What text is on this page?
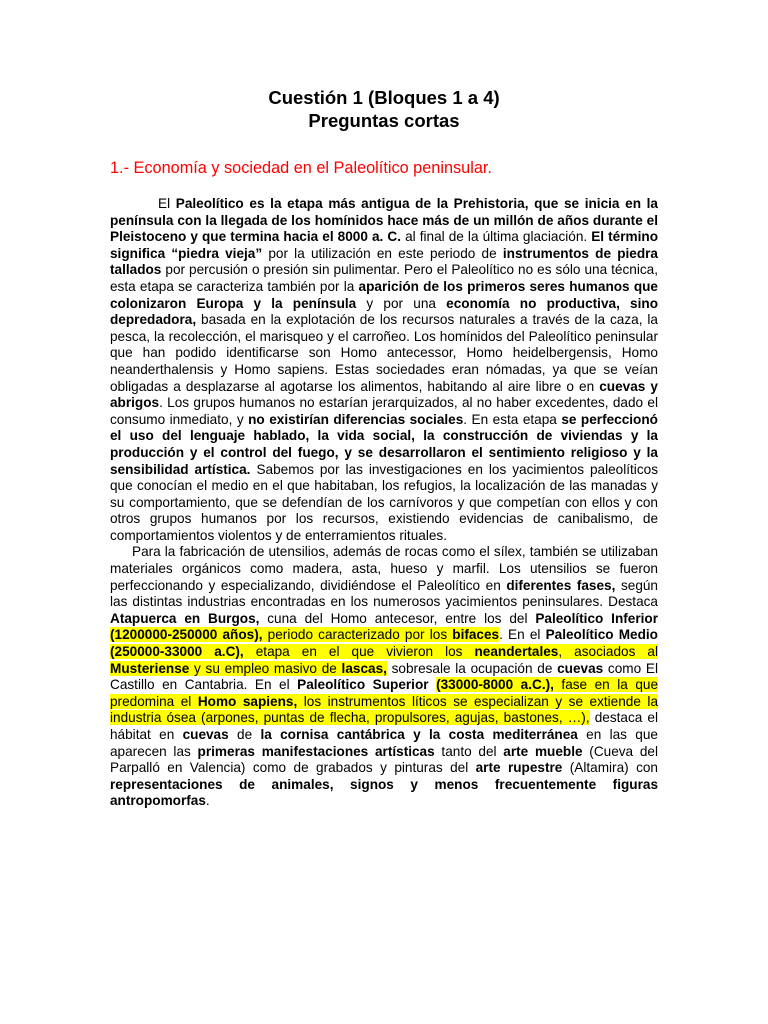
Cuestión 1 (Bloques 1 a 4)
Preguntas cortas

1.- Economía y sociedad en el Paleolítico peninsular.

El Paleolítico es la etapa más antigua de la Prehistoria, que se inicia en la península con la llegada de los homínidos hace más de un millón de años durante el Pleistoceno y que termina hacia el 8000 a. C. al final de la última glaciación. El término significa “piedra vieja” por la utilización en este periodo de instrumentos de piedra tallados por percusión o presión sin pulimentar. Pero el Paleolítico no es sólo una técnica, esta etapa se caracteriza también por la aparición de los primeros seres humanos que colonizaron Europa y la península y por una economía no productiva, sino depredadora, basada en la explotación de los recursos naturales a través de la caza, la pesca, la recolección, el marisqueo y el carroñeo. Los homínidos del Paleolítico peninsular que han podido identificarse son Homo antecessor, Homo heidelbergensis, Homo neanderthalensis y Homo sapiens. Estas sociedades eran nómadas, ya que se veían obligadas a desplazarse al agotarse los alimentos, habitando al aire libre o en cuevas y abrigos. Los grupos humanos no estarían jerarquizados, al no haber excedentes, dado el consumo inmediato, y no existirían diferencias sociales. En esta etapa se perfeccionó el uso del lenguaje hablado, la vida social, la construcción de viviendas y la producción y el control del fuego, y se desarrollaron el sentimiento religioso y la sensibilidad artística. Sabemos por las investigaciones en los yacimientos paleolíticos que conocían el medio en el que habitaban, los refugios, la localización de las manadas y su comportamiento, que se defendían de los carnívoros y que competían con ellos y con otros grupos humanos por los recursos, existiendo evidencias de canibalismo, de comportamientos violentos y de enterramientos rituales.

Para la fabricación de utensilios, además de rocas como el sílex, también se utilizaban materiales orgánicos como madera, asta, hueso y marfil. Los utensilios se fueron perfeccionando y especializando, dividiéndose el Paleolítico en diferentes fases, según las distintas industrias encontradas en los numerosos yacimientos peninsulares. Destaca Atapuerca en Burgos, cuna del Homo antecesor, entre los del Paleolítico Inferior (1200000-250000 años), periodo caracterizado por los bifaces. En el Paleolítico Medio (250000-33000 a.C), etapa en el que vivieron los neandertales, asociados al Musteriense y su empleo masivo de lascas, sobresale la ocupación de cuevas como El Castillo en Cantabria. En el Paleolítico Superior (33000-8000 a.C.), fase en la que predomina el Homo sapiens, los instrumentos líticos se especializan y se extiende la industria ósea (arpones, puntas de flecha, propulsores, agujas, bastones, …), destaca el hábitat en cuevas de la cornisa cantábrica y la costa mediterránea en las que aparecen las primeras manifestaciones artísticas tanto del arte mueble (Cueva del Parpalló en Valencia) como de grabados y pinturas del arte rupestre (Altamira) con representaciones de animales, signos y menos frecuentemente figuras antropomorfas.
